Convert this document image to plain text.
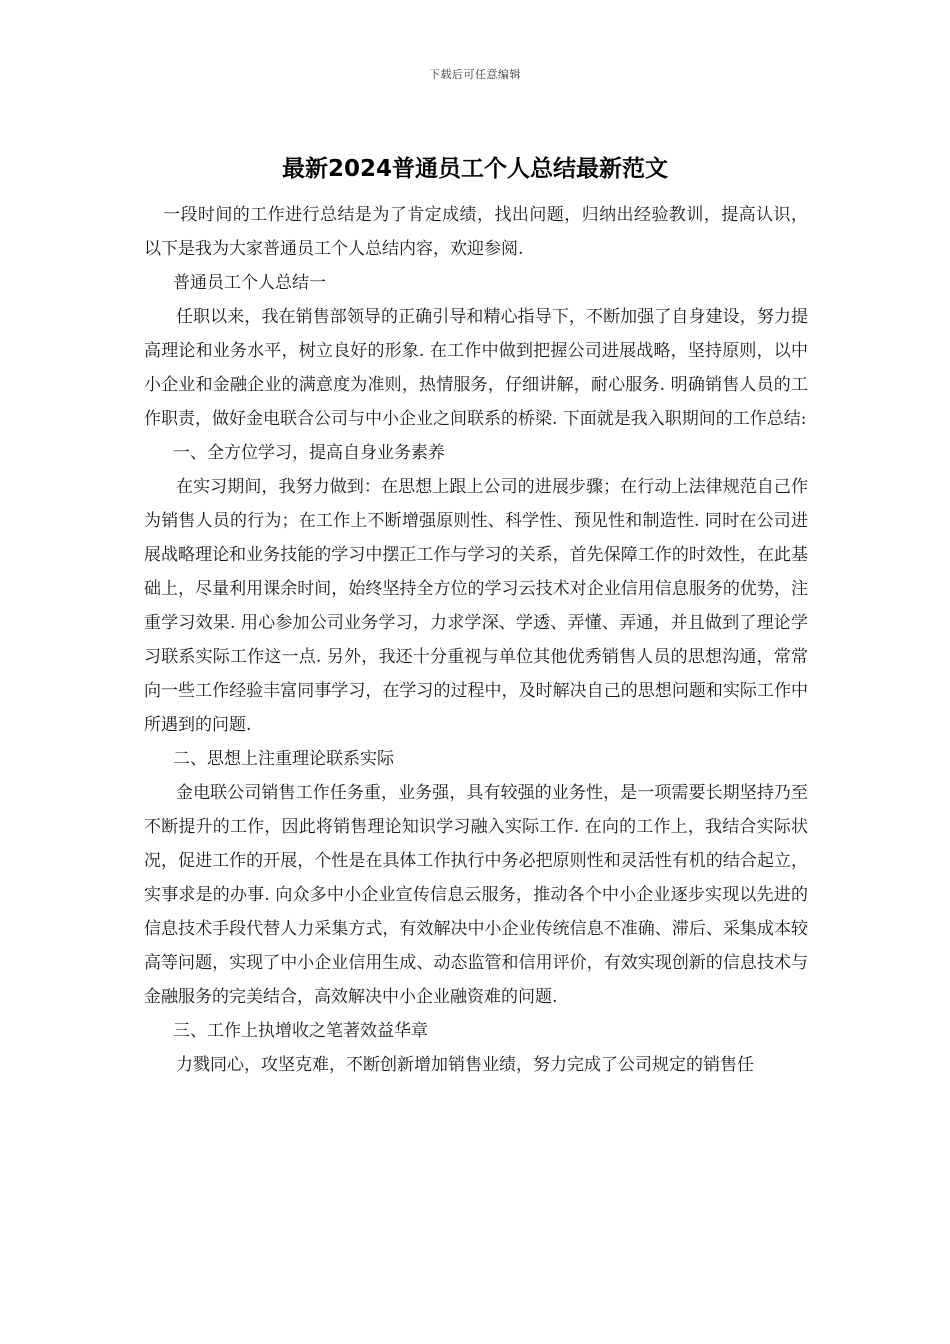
下载后可任意编辑
最新2024普通员工个人总结最新范文

一段时间的工作进行总结是为了肯定成绩，找出问题，归纳出经验教训，提高认识，以下是我为大家普通员工个人总结内容，欢迎参阅.

普通员工个人总结一

任职以来，我在销售部领导的正确引导和精心指导下，不断加强了自身建设，努力提高理论和业务水平，树立良好的形象. 在工作中做到把握公司进展战略，坚持原则，以中小企业和金融企业的满意度为准则，热情服务，仔细讲解，耐心服务. 明确销售人员的工作职责，做好金电联合公司与中小企业之间联系的桥梁. 下面就是我入职期间的工作总结:

一、全方位学习，提高自身业务素养

在实习期间，我努力做到：在思想上跟上公司的进展步骤；在行动上法律规范自己作为销售人员的行为；在工作上不断增强原则性、科学性、预见性和制造性. 同时在公司进展战略理论和业务技能的学习中摆正工作与学习的关系，首先保障工作的时效性，在此基础上，尽量利用课余时间，始终坚持全方位的学习云技术对企业信用信息服务的优势，注重学习效果. 用心参加公司业务学习，力求学深、学透、弄懂、弄通，并且做到了理论学习联系实际工作这一点. 另外，我还十分重视与单位其他优秀销售人员的思想沟通，常常向一些工作经验丰富同事学习，在学习的过程中，及时解决自己的思想问题和实际工作中所遇到的问题.

二、思想上注重理论联系实际

金电联公司销售工作任务重，业务强，具有较强的业务性，是一项需要长期坚持乃至不断提升的工作，因此将销售理论知识学习融入实际工作. 在向的工作上，我结合实际状况，促进工作的开展，个性是在具体工作执行中务必把原则性和灵活性有机的结合起立，实事求是的办事. 向众多中小企业宣传信息云服务，推动各个中小企业逐步实现以先进的信息技术手段代替人力采集方式，有效解决中小企业传统信息不准确、滞后、采集成本较高等问题，实现了中小企业信用生成、动态监管和信用评价，有效实现创新的信息技术与金融服务的完美结合，高效解决中小企业融资难的问题.

三、工作上执增收之笔著效益华章

力戮同心，攻坚克难，不断创新增加销售业绩，努力完成了公司规定的销售任
